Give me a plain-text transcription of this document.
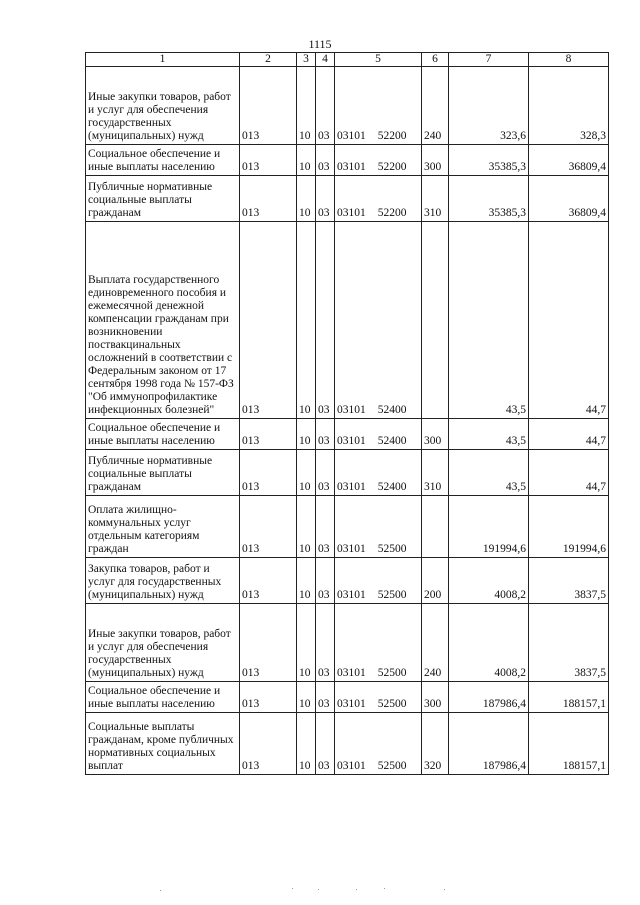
1115
1	2	3	4	5	6	7	8
Иные закупки товаров, работ и услуг для обеспечения государственных (муниципальных) нужд	013	10	03	03101 52200	240	323,6	328,3
Социальное обеспечение и иные выплаты населению	013	10	03	03101 52200	300	35385,3	36809,4
Публичные нормативные социальные выплаты гражданам	013	10	03	03101 52200	310	35385,3	36809,4
Выплата государственного единовременного пособия и ежемесячной денежной компенсации гражданам при возникновении поствакцинальных осложнений в соответствии с Федеральным законом от 17 сентября 1998 года № 157-ФЗ "Об иммунопрофилактике инфекционных болезней"	013	10	03	03101 52400		43,5	44,7
Социальное обеспечение и иные выплаты населению	013	10	03	03101 52400	300	43,5	44,7
Публичные нормативные социальные выплаты гражданам	013	10	03	03101 52400	310	43,5	44,7
Оплата жилищно-коммунальных услуг отдельным категориям граждан	013	10	03	03101 52500		191994,6	191994,6
Закупка товаров, работ и услуг для государственных (муниципальных) нужд	013	10	03	03101 52500	200	4008,2	3837,5
Иные закупки товаров, работ и услуг для обеспечения государственных (муниципальных) нужд	013	10	03	03101 52500	240	4008,2	3837,5
Социальное обеспечение и иные выплаты населению	013	10	03	03101 52500	300	187986,4	188157,1
Социальные выплаты гражданам, кроме публичных нормативных социальных выплат	013	10	03	03101 52500	320	187986,4	188157,1
